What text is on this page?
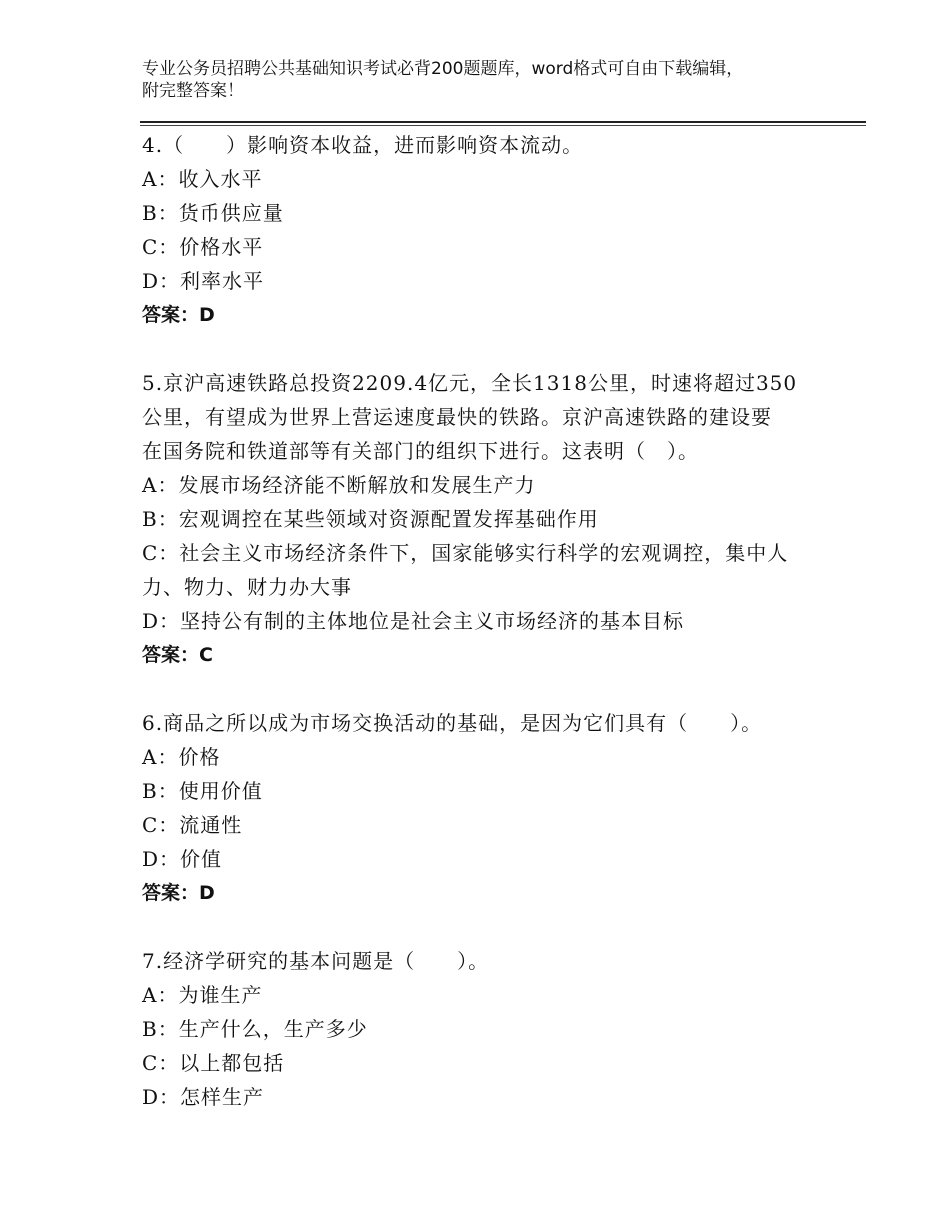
专业公务员招聘公共基础知识考试必背200题题库，word格式可自由下载编辑，
附完整答案！
4.（　　）影响资本收益，进而影响资本流动。
A：收入水平
B：货币供应量
C：价格水平
D：利率水平
答案：D
5.京沪高速铁路总投资2209.4亿元，全长1318公里，时速将超过350
公里，有望成为世界上营运速度最快的铁路。京沪高速铁路的建设要
在国务院和铁道部等有关部门的组织下进行。这表明（　）。
A：发展市场经济能不断解放和发展生产力
B：宏观调控在某些领域对资源配置发挥基础作用
C：社会主义市场经济条件下，国家能够实行科学的宏观调控，集中人
力、物力、财力办大事
D：坚持公有制的主体地位是社会主义市场经济的基本目标
答案：C
6.商品之所以成为市场交换活动的基础，是因为它们具有（　　）。
A：价格
B：使用价值
C：流通性
D：价值
答案：D
7.经济学研究的基本问题是（　　）。
A：为谁生产
B：生产什么，生产多少
C：以上都包括
D：怎样生产
